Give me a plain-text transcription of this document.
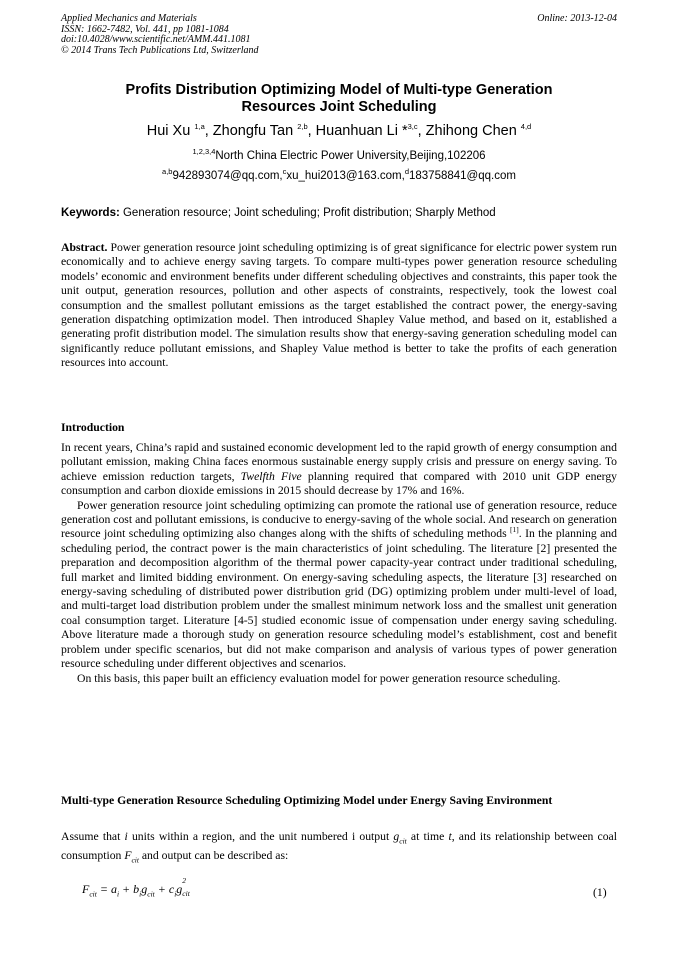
Applied Mechanics and Materials
ISSN: 1662-7482, Vol. 441, pp 1081-1084
doi:10.4028/www.scientific.net/AMM.441.1081
© 2014 Trans Tech Publications Ltd, Switzerland
Online: 2013-12-04
Profits Distribution Optimizing Model of Multi-type Generation
Resources Joint Scheduling
Hui Xu $^{1,a}$, Zhongfu Tan $^{2,b}$, Huanhuan Li *$^{3,c}$, Zhihong Chen $^{4,d}$
$^{1,2,3,4}$North China Electric Power University,Beijing,102206
$^{a,b}$942893074@qq.com,$^c$xu_hui2013@163.com,$^d$183758841@qq.com
Keywords: Generation resource; Joint scheduling; Profit distribution; Sharply Method
Abstract. Power generation resource joint scheduling optimizing is of great significance for electric power system run economically and to achieve energy saving targets. To compare multi-types power generation resource scheduling models’ economic and environment benefits under different scheduling objectives and constraints, this paper took the unit output, generation resources, pollution and other aspects of constraints, respectively, took the lowest coal consumption and the smallest pollutant emissions as the target established the contract power, the energy-saving generation dispatching optimization model. Then introduced Shapley Value method, and based on it, established a generating profit distribution model. The simulation results show that energy-saving generation scheduling model can significantly reduce pollutant emissions, and Shapley Value method is better to take the profits of each generation resources into account.
Introduction
In recent years, China’s rapid and sustained economic development led to the rapid growth of energy consumption and pollutant emission, making China faces enormous sustainable energy supply crisis and pressure on energy saving. To achieve emission reduction targets, Twelfth Five planning required that compared with 2010 unit GDP energy consumption and carbon dioxide emissions in 2015 should decrease by 17% and 16%.
Power generation resource joint scheduling optimizing can promote the rational use of generation resource, reduce generation cost and pollutant emissions, is conducive to energy-saving of the whole social. And research on generation resource joint scheduling optimizing also changes along with the shifts of scheduling methods [1]. In the planning and scheduling period, the contract power is the main characteristics of joint scheduling. The literature [2] presented the preparation and decomposition algorithm of the thermal power capacity-year contract under traditional scheduling, full market and limited bidding environment. On energy-saving scheduling aspects, the literature [3] researched on energy-saving scheduling of distributed power distribution grid (DG) optimizing problem under multi-level of load, and multi-target load distribution problem under the smallest minimum network loss and the smallest unit generation coal consumption target. Literature [4-5] studied economic issue of compensation under energy saving scheduling. Above literature made a thorough study on generation resource scheduling model’s establishment, cost and benefit problem under specific scenarios, but did not make comparison and analysis of various types of power generation resource scheduling under different objectives and scenarios.
On this basis, this paper built an efficiency evaluation model for power generation resource scheduling.
Multi-type Generation Resource Scheduling Optimizing Model under Energy Saving Environment
Assume that i units within a region, and the unit numbered i output $g_{cit}$ at time t, and its relationship between coal consumption $F_{cit}$ and output can be described as:
$F_{cit} = a_i + b_ig_{cit} + c_ig$
2
cit	(1)
